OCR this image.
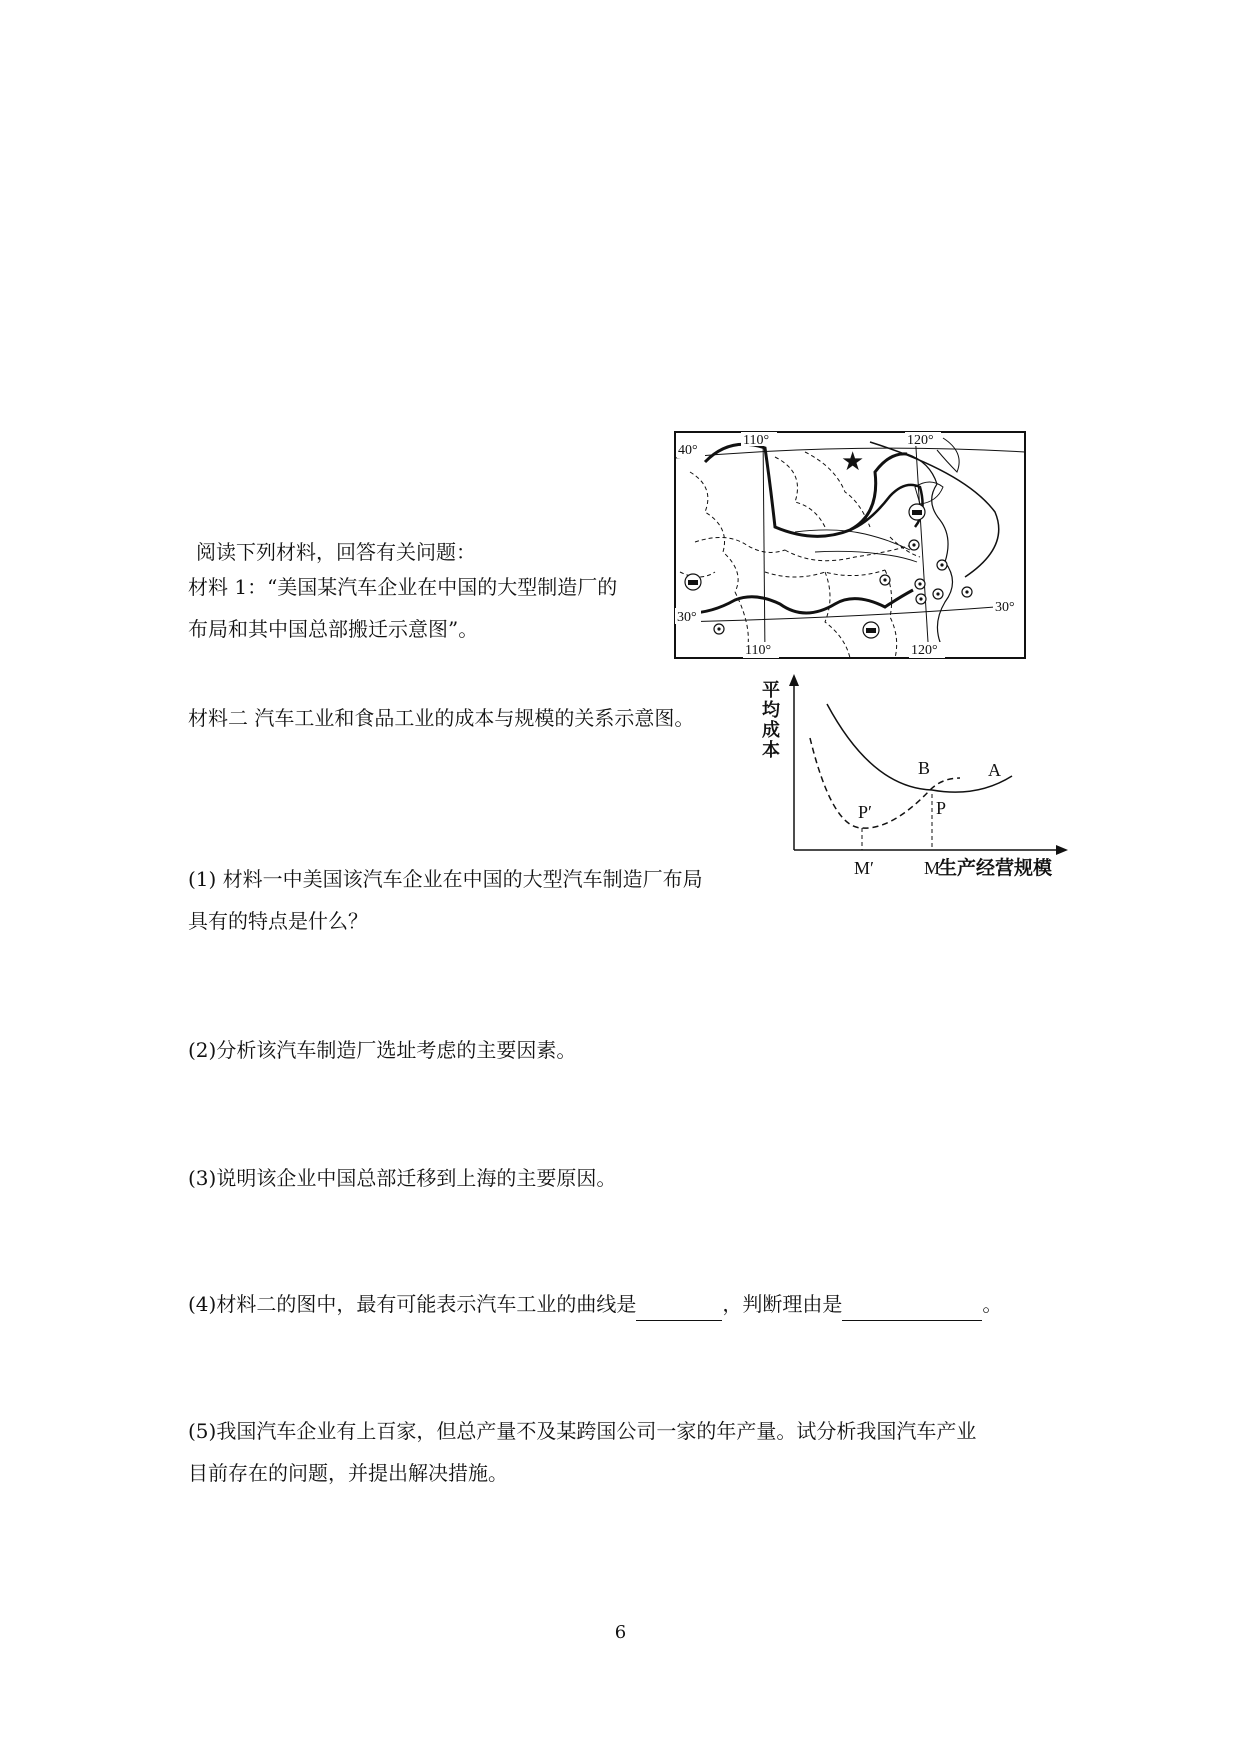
阅读下列材料，回答有关问题：
材料 1：“美国某汽车企业在中国的大型制造厂的
布局和其中国总部搬迁示意图”。
材料二 汽车工业和食品工业的成本与规模的关系示意图。
★
40°
110°	120°
30°
30°
110°	120°
平
均
成
本
B	A
P′	P
M′	M
生产经营规模
(1) 材料一中美国该汽车企业在中国的大型汽车制造厂布局
具有的特点是什么？
(2)分析该汽车制造厂选址考虑的主要因素。
(3)说明该企业中国总部迁移到上海的主要原因。
(4)材料二的图中，最有可能表示汽车工业的曲线是	，判断理由是	。
(5)我国汽车企业有上百家，但总产量不及某跨国公司一家的年产量。试分析我国汽车产业
目前存在的问题，并提出解决措施。
6
